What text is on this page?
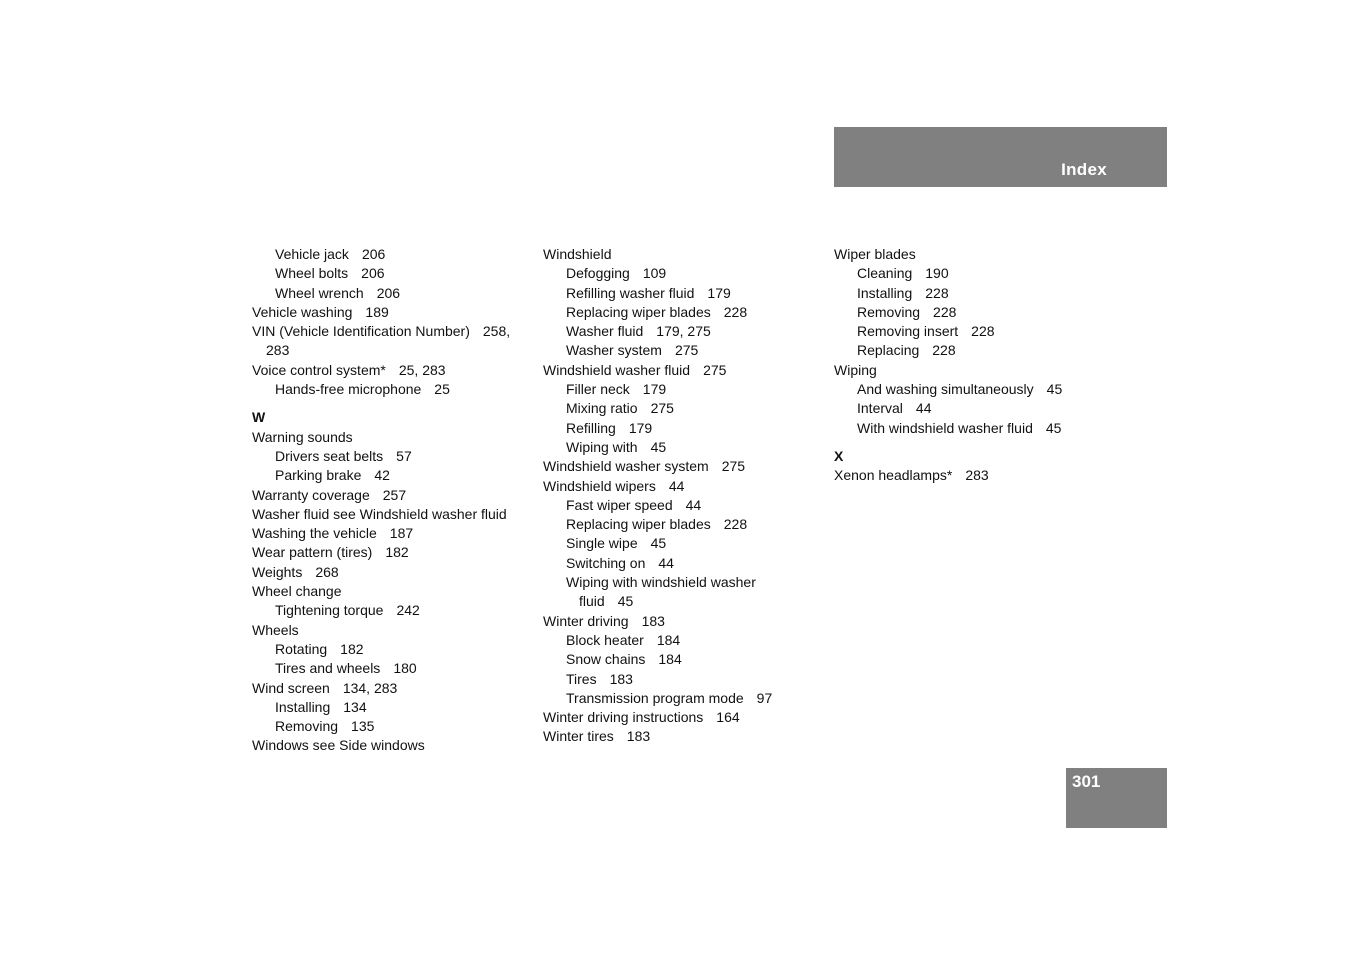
Index
Vehicle jack 206
Wheel bolts 206
Wheel wrench 206
Vehicle washing 189
VIN (Vehicle Identification Number) 258,
283
Voice control system* 25, 283
Hands-free microphone 25
W
Warning sounds
Drivers seat belts 57
Parking brake 42
Warranty coverage 257
Washer fluid see Windshield washer fluid
Washing the vehicle 187
Wear pattern (tires) 182
Weights 268
Wheel change
Tightening torque 242
Wheels
Rotating 182
Tires and wheels 180
Wind screen 134, 283
Installing 134
Removing 135
Windows see Side windows
Windshield
Defogging 109
Refilling washer fluid 179
Replacing wiper blades 228
Washer fluid 179, 275
Washer system 275
Windshield washer fluid 275
Filler neck 179
Mixing ratio 275
Refilling 179
Wiping with 45
Windshield washer system 275
Windshield wipers 44
Fast wiper speed 44
Replacing wiper blades 228
Single wipe 45
Switching on 44
Wiping with windshield washer
fluid 45
Winter driving 183
Block heater 184
Snow chains 184
Tires 183
Transmission program mode 97
Winter driving instructions 164
Winter tires 183
Wiper blades
Cleaning 190
Installing 228
Removing 228
Removing insert 228
Replacing 228
Wiping
And washing simultaneously 45
Interval 44
With windshield washer fluid 45
X
Xenon headlamps* 283
301
